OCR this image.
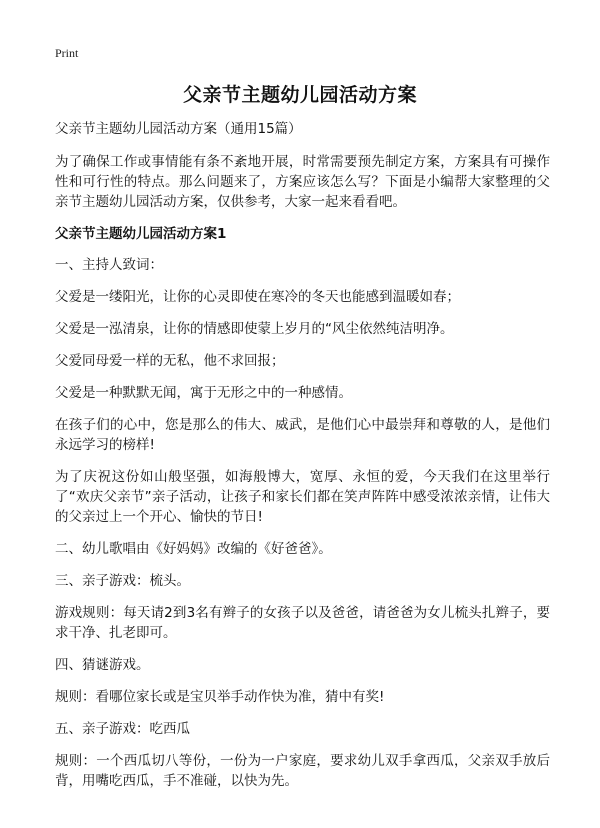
Print
父亲节主题幼儿园活动方案

父亲节主题幼儿园活动方案（通用15篇）

为了确保工作或事情能有条不紊地开展，时常需要预先制定方案，方案具有可操作性和可行性的特点。那么问题来了，方案应该怎么写？下面是小编帮大家整理的父亲节主题幼儿园活动方案，仅供参考，大家一起来看看吧。

父亲节主题幼儿园活动方案1

一、主持人致词：

父爱是一缕阳光，让你的心灵即使在寒冷的冬天也能感到温暖如春；

父爱是一泓清泉，让你的情感即使蒙上岁月的“风尘依然纯洁明净。

父爱同母爱一样的无私，他不求回报；

父爱是一种默默无闻，寓于无形之中的一种感情。

在孩子们的心中，您是那么的伟大、威武，是他们心中最崇拜和尊敬的人，是他们永远学习的榜样!

为了庆祝这份如山般坚强，如海般博大，宽厚、永恒的爱，今天我们在这里举行了“欢庆父亲节”亲子活动，让孩子和家长们都在笑声阵阵中感受浓浓亲情，让伟大的父亲过上一个开心、愉快的节日!

二、幼儿歌唱由《好妈妈》改编的《好爸爸》。

三、亲子游戏：梳头。

游戏规则：每天请2到3名有辫子的女孩子以及爸爸，请爸爸为女儿梳头扎辫子，要求干净、扎老即可。

四、猜谜游戏。

规则：看哪位家长或是宝贝举手动作快为准，猜中有奖!

五、亲子游戏：吃西瓜

规则：一个西瓜切八等份，一份为一户家庭，要求幼儿双手拿西瓜，父亲双手放后背，用嘴吃西瓜，手不准碰，以快为先。
